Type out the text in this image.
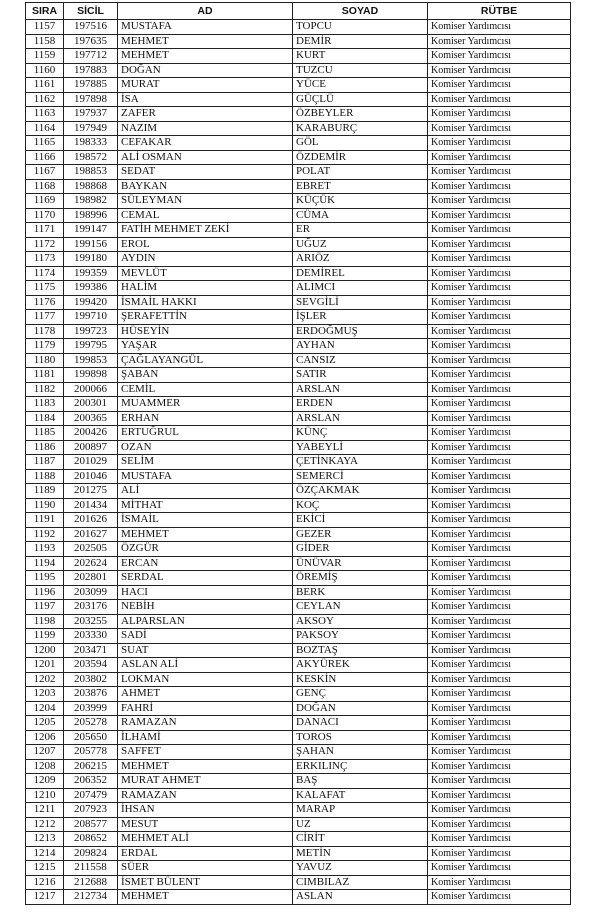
SIRA	SİCİL	AD	SOYAD	RÜTBE
1157	197516	MUSTAFA	TOPCU	Komiser Yardımcısı
1158	197635	MEHMET	DEMİR	Komiser Yardımcısı
1159	197712	MEHMET	KURT	Komiser Yardımcısı
1160	197883	DOĞAN	TUZCU	Komiser Yardımcısı
1161	197885	MURAT	YÜCE	Komiser Yardımcısı
1162	197898	İSA	GÜÇLÜ	Komiser Yardımcısı
1163	197937	ZAFER	ÖZBEYLER	Komiser Yardımcısı
1164	197949	NAZIM	KARABURÇ	Komiser Yardımcısı
1165	198333	CEFAKAR	GÖL	Komiser Yardımcısı
1166	198572	ALİ OSMAN	ÖZDEMİR	Komiser Yardımcısı
1167	198853	SEDAT	POLAT	Komiser Yardımcısı
1168	198868	BAYKAN	EBRET	Komiser Yardımcısı
1169	198982	SÜLEYMAN	KÜÇÜK	Komiser Yardımcısı
1170	198996	CEMAL	CÜMA	Komiser Yardımcısı
1171	199147	FATİH MEHMET ZEKİ	ER	Komiser Yardımcısı
1172	199156	EROL	UĞUZ	Komiser Yardımcısı
1173	199180	AYDIN	ARIÖZ	Komiser Yardımcısı
1174	199359	MEVLÜT	DEMİREL	Komiser Yardımcısı
1175	199386	HALİM	ALIMCI	Komiser Yardımcısı
1176	199420	İSMAİL HAKKI	SEVGİLİ	Komiser Yardımcısı
1177	199710	ŞERAFETTİN	İŞLER	Komiser Yardımcısı
1178	199723	HÜSEYİN	ERDOĞMUŞ	Komiser Yardımcısı
1179	199795	YAŞAR	AYHAN	Komiser Yardımcısı
1180	199853	ÇAĞLAYANGÜL	CANSIZ	Komiser Yardımcısı
1181	199898	ŞABAN	SATIR	Komiser Yardımcısı
1182	200066	CEMİL	ARSLAN	Komiser Yardımcısı
1183	200301	MUAMMER	ERDEN	Komiser Yardımcısı
1184	200365	ERHAN	ARSLAN	Komiser Yardımcısı
1185	200426	ERTUĞRUL	KÜNÇ	Komiser Yardımcısı
1186	200897	OZAN	YABEYLİ	Komiser Yardımcısı
1187	201029	SELİM	ÇETİNKAYA	Komiser Yardımcısı
1188	201046	MUSTAFA	SEMERCİ	Komiser Yardımcısı
1189	201275	ALİ	ÖZÇAKMAK	Komiser Yardımcısı
1190	201434	MİTHAT	KOÇ	Komiser Yardımcısı
1191	201626	İSMAİL	EKİCİ	Komiser Yardımcısı
1192	201627	MEHMET	GEZER	Komiser Yardımcısı
1193	202505	ÖZGÜR	GİDER	Komiser Yardımcısı
1194	202624	ERCAN	ÜNÜVAR	Komiser Yardımcısı
1195	202801	SERDAL	ÖREMİŞ	Komiser Yardımcısı
1196	203099	HACI	BERK	Komiser Yardımcısı
1197	203176	NEBİH	CEYLAN	Komiser Yardımcısı
1198	203255	ALPARSLAN	AKSOY	Komiser Yardımcısı
1199	203330	SADİ	PAKSOY	Komiser Yardımcısı
1200	203471	SUAT	BOZTAŞ	Komiser Yardımcısı
1201	203594	ASLAN ALİ	AKYÜREK	Komiser Yardımcısı
1202	203802	LOKMAN	KESKİN	Komiser Yardımcısı
1203	203876	AHMET	GENÇ	Komiser Yardımcısı
1204	203999	FAHRİ	DOĞAN	Komiser Yardımcısı
1205	205278	RAMAZAN	DANACI	Komiser Yardımcısı
1206	205650	İLHAMİ	TOROS	Komiser Yardımcısı
1207	205778	SAFFET	ŞAHAN	Komiser Yardımcısı
1208	206215	MEHMET	ERKILINÇ	Komiser Yardımcısı
1209	206352	MURAT AHMET	BAŞ	Komiser Yardımcısı
1210	207479	RAMAZAN	KALAFAT	Komiser Yardımcısı
1211	207923	İHSAN	MARAP	Komiser Yardımcısı
1212	208577	MESUT	UZ	Komiser Yardımcısı
1213	208652	MEHMET ALİ	CİRİT	Komiser Yardımcısı
1214	209824	ERDAL	METİN	Komiser Yardımcısı
1215	211558	SÜER	YAVUZ	Komiser Yardımcısı
1216	212688	İSMET BÜLENT	CIMBILAZ	Komiser Yardımcısı
1217	212734	MEHMET	ASLAN	Komiser Yardımcısı
